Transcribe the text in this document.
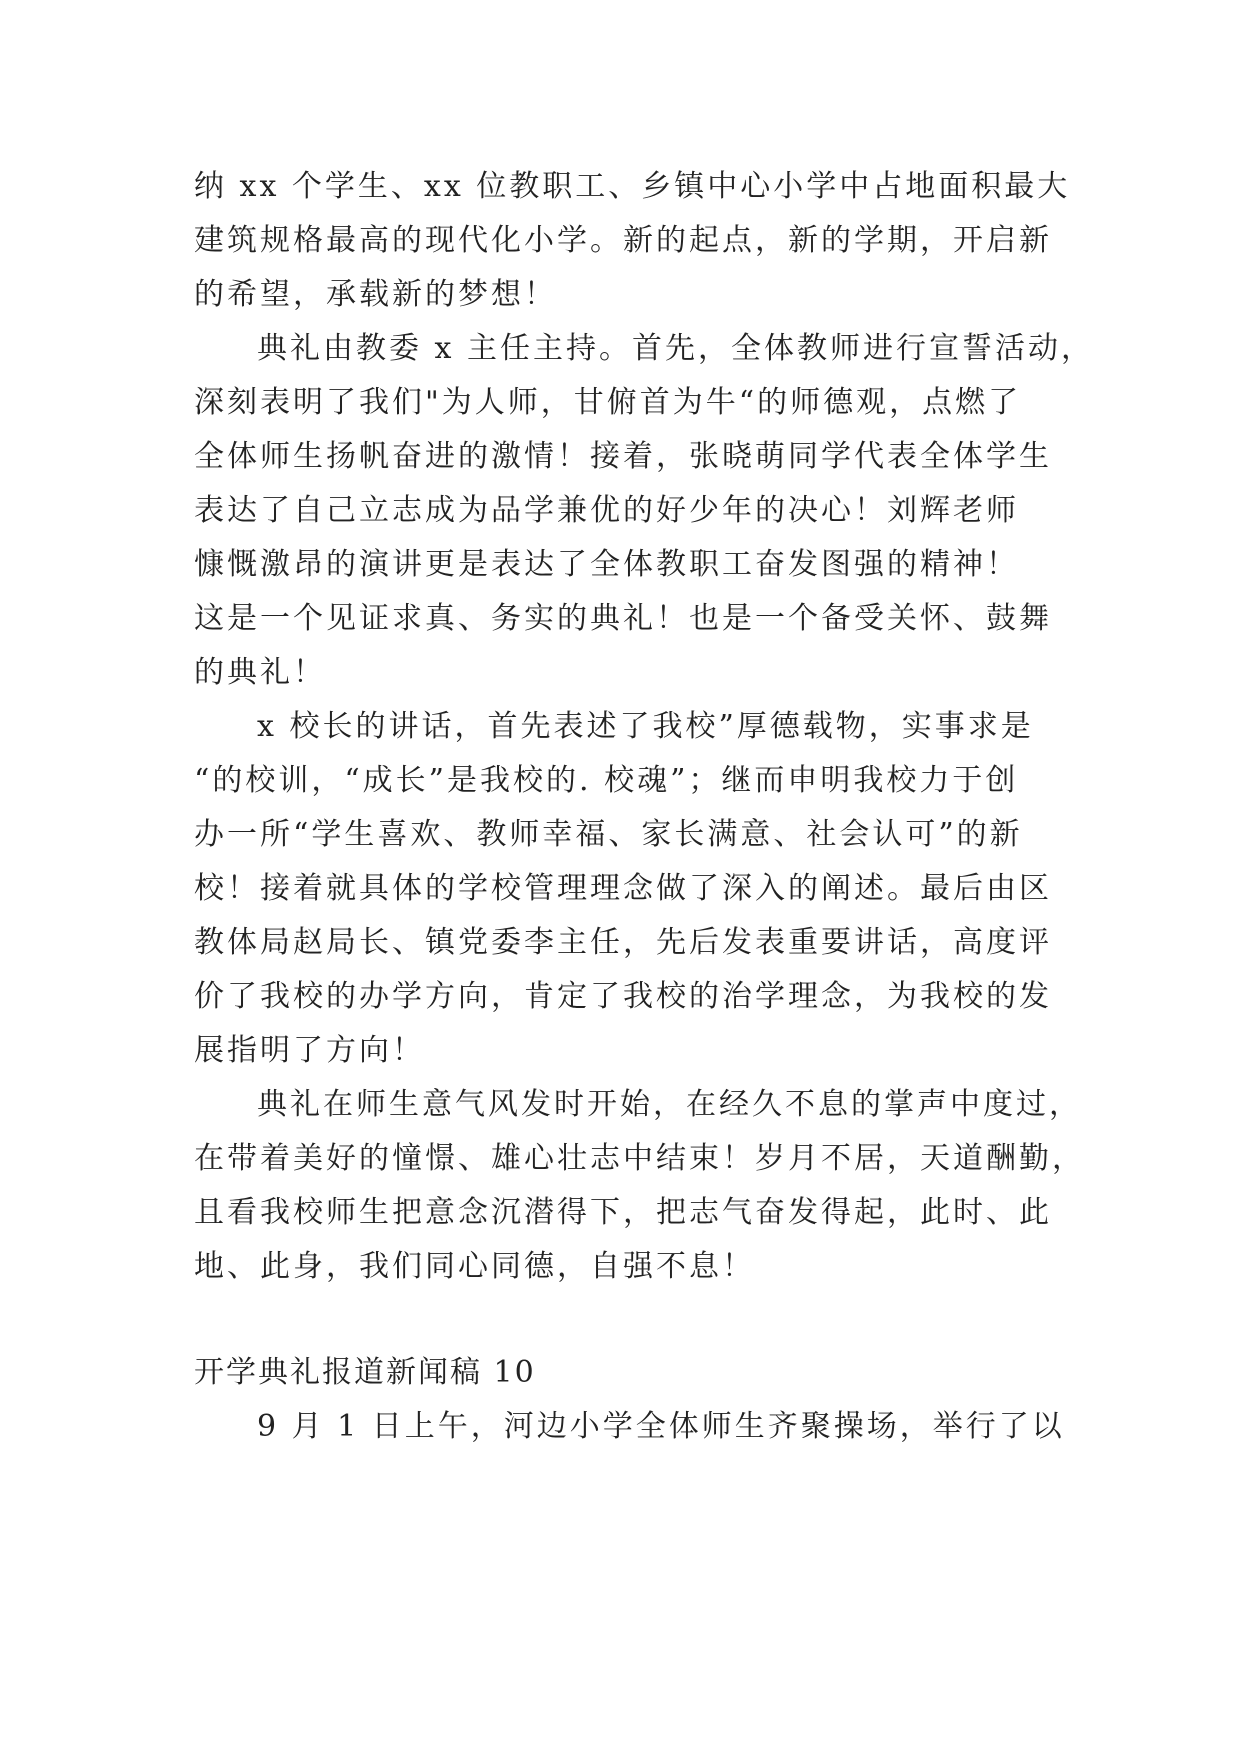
纳 xx 个学生、xx 位教职工、乡镇中心小学中占地面积最大
建筑规格最高的现代化小学。新的起点，新的学期，开启新
的希望，承载新的梦想！
典礼由教委 x 主任主持。首先，全体教师进行宣誓活动，
深刻表明了我们"为人师，甘俯首为牛“的师德观，点燃了
全体师生扬帆奋进的激情！接着，张晓萌同学代表全体学生
表达了自己立志成为品学兼优的好少年的决心！刘辉老师
慷慨激昂的演讲更是表达了全体教职工奋发图强的精神！
这是一个见证求真、务实的典礼！也是一个备受关怀、鼓舞
的典礼！
x 校长的讲话，首先表述了我校”厚德载物，实事求是
“的校训，“成长”是我校的. 校魂”；继而申明我校力于创
办一所“学生喜欢、教师幸福、家长满意、社会认可”的新
校！接着就具体的学校管理理念做了深入的阐述。最后由区
教体局赵局长、镇党委李主任，先后发表重要讲话，高度评
价了我校的办学方向，肯定了我校的治学理念，为我校的发
展指明了方向！
典礼在师生意气风发时开始，在经久不息的掌声中度过，
在带着美好的憧憬、雄心壮志中结束！岁月不居，天道酬勤，
且看我校师生把意念沉潜得下，把志气奋发得起，此时、此
地、此身，我们同心同德，自强不息！
开学典礼报道新闻稿 10
9 月 1 日上午，河边小学全体师生齐聚操场，举行了以
